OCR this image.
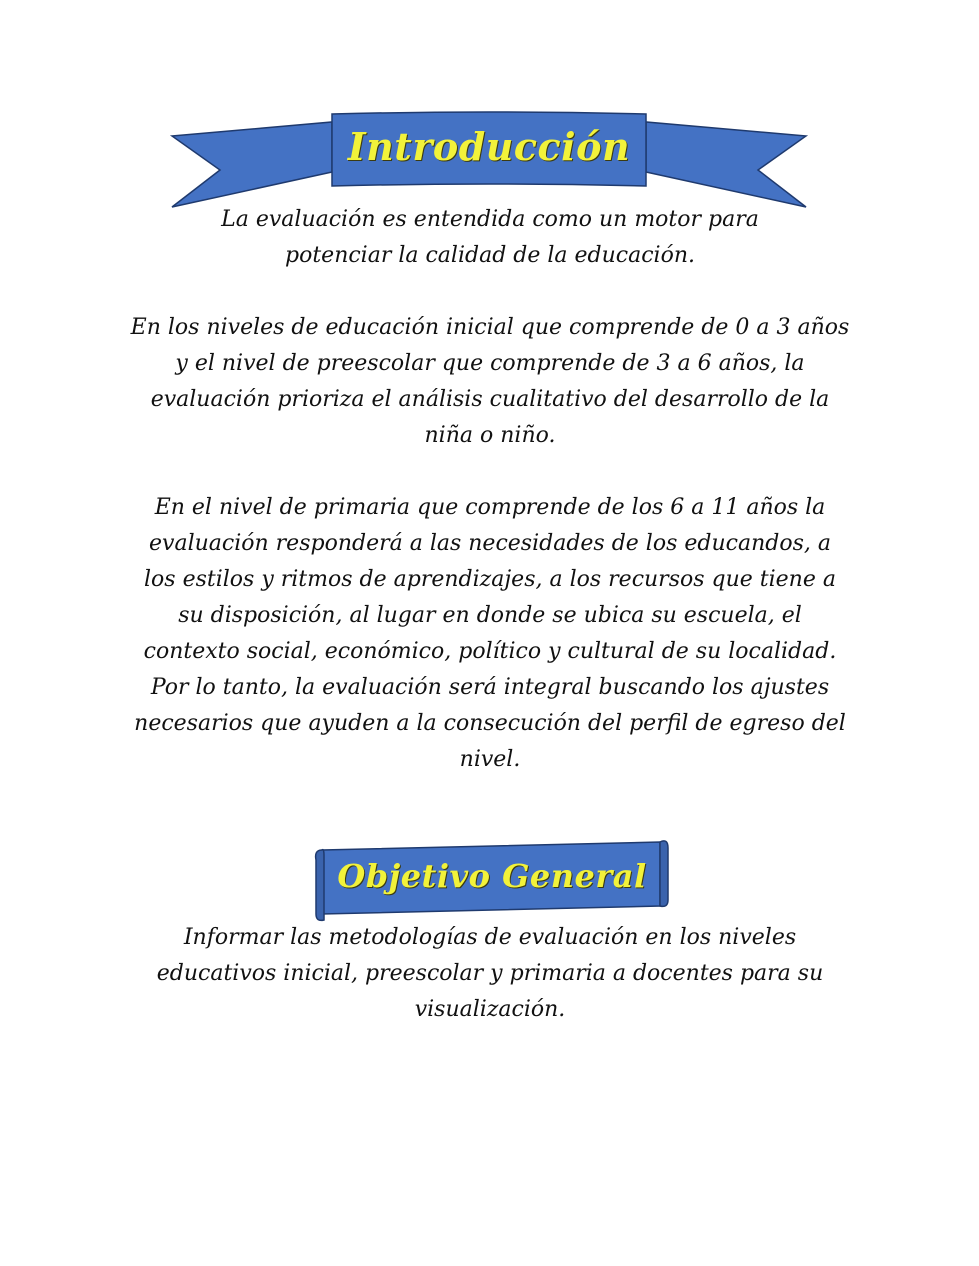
Introducción

La evaluación es entendida como un motor para potenciar la calidad de la educación.

En los niveles de educación inicial que comprende de 0 a 3 años y el nivel de preescolar que comprende de 3 a 6 años, la evaluación prioriza el análisis cualitativo del desarrollo de la niña o niño.

En el nivel de primaria que comprende de los 6 a 11 años la evaluación responderá a las necesidades de los educandos, a los estilos y ritmos de aprendizajes, a los recursos que tiene a su disposición, al lugar en donde se ubica su escuela, el contexto social, económico, político y cultural de su localidad. Por lo tanto, la evaluación será integral buscando los ajustes necesarios que ayuden a la consecución del perfil de egreso del nivel.

Objetivo General

Informar las metodologías de evaluación en los niveles educativos inicial, preescolar y primaria a docentes para su visualización.
